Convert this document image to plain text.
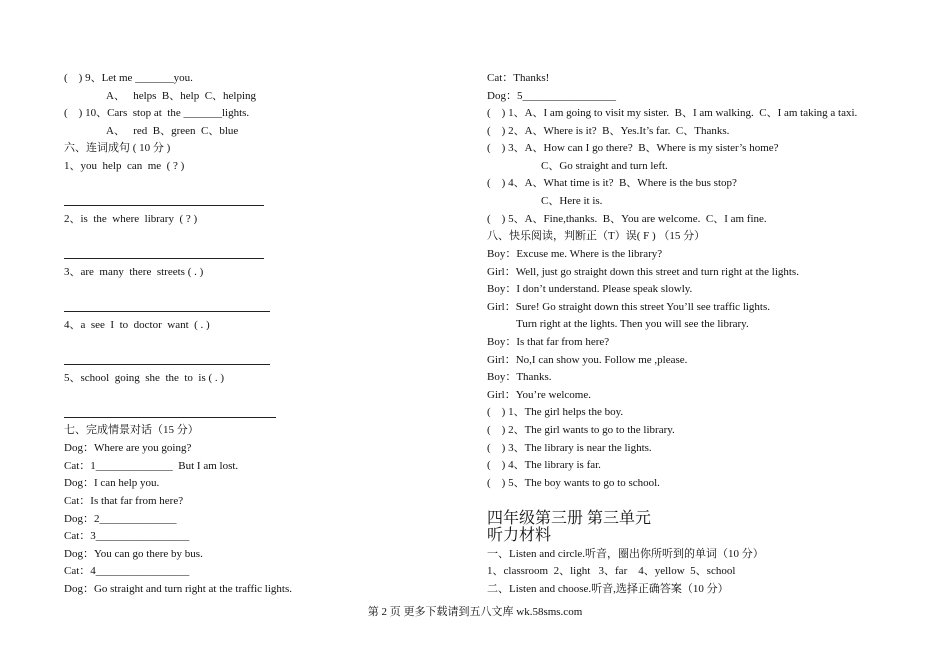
(    ) 9、Let me _______you.
A、   helps  B、help  C、helping
(    ) 10、Cars  stop at  the _______lights.
A、   red  B、green  C、blue
六、连词成句 ( 10 分 )
1、you  help  can  me  ( ? )
2、is  the  where  library  ( ? )
3、are  many  there  streets ( . )
4、a  see  I  to  doctor  want  ( . )
5、school  going  she  the  to  is ( . )
七、完成情景对话（15 分）
Dog：Where are you going?
Cat：1______________  But I am lost.
Dog：I can help you.
Cat：Is that far from here?
Dog：2______________
Cat：3_________________
Dog：You can go there by bus.
Cat：4_________________
Dog：Go straight and turn right at the traffic lights.
Cat：Thanks!
Dog：5_________________
(    ) 1、A、I am going to visit my sister.  B、I am walking.  C、I am taking a taxi.
(    ) 2、A、Where is it?  B、Yes.It’s far.  C、Thanks.
(    ) 3、A、How can I go there?  B、Where is my sister’s home?
C、Go straight and turn left.
(    ) 4、A、What time is it?  B、Where is the bus stop?
C、Here it is.
(    ) 5、A、Fine,thanks.  B、You are welcome.  C、I am fine.
八、快乐阅读，判断正（T）误( F ) （15 分）
Boy：Excuse me. Where is the library?
Girl：Well, just go straight down this street and turn right at the lights.
Boy：I don’t understand. Please speak slowly.
Girl：Sure! Go straight down this street You’ll see traffic lights.
Turn right at the lights. Then you will see the library.
Boy：Is that far from here?
Girl：No,I can show you. Follow me ,please.
Boy：Thanks.
Girl：You’re welcome.
(    ) 1、The girl helps the boy.
(    ) 2、The girl wants to go to the library.
(    ) 3、The library is near the lights.
(    ) 4、The library is far.
(    ) 5、The boy wants to go to school.
四年级第三册 第三单元
听力材料
一、Listen and circle.听音，圈出你所听到的单词（10 分）
1、classroom  2、light   3、far    4、yellow  5、school
二、Listen and choose.听音,选择正确答案（10 分）
第 2 页 更多下载请到五八文库 wk.58sms.com
